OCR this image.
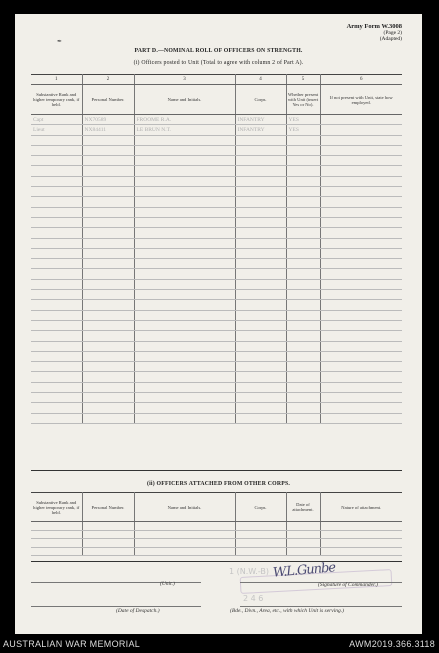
✒
Army Form W.3008
(Page 2)
(Adapted)
PART D.—NOMINAL ROLL OF OFFICERS ON STRENGTH.
(i) Officers posted to Unit (Total to agree with column 2 of Part A).
1	2	3	4	5	6
Substantive Rank and higher temporary rank, if held.	Personal Number.	Name and Initials.	Corps.	Whether present with Unit (insert Yes or No).	If not present with Unit, state how employed.
Capt	NX70589	FROOME R.A.	INFANTRY	YES	
Lieut	NX84411	LE BRUN N.T.	INFANTRY	YES	

(ii) OFFICERS ATTACHED FROM OTHER CORPS.
Substantive Rank and higher temporary rank, if held.	Personal Number.	Name and Initials.	Corps.	Date of attachment.	Nature of attachment.

1 (N.W.-B) W.L.Gunbe
(Unit.)	(Signature of Commander.)
2 4 6
(Date of Despatch.)	(Bde., Divn., Area, etc., with which Unit is serving.)
AUSTRALIAN WAR MEMORIAL	AWM2019.366.3118
